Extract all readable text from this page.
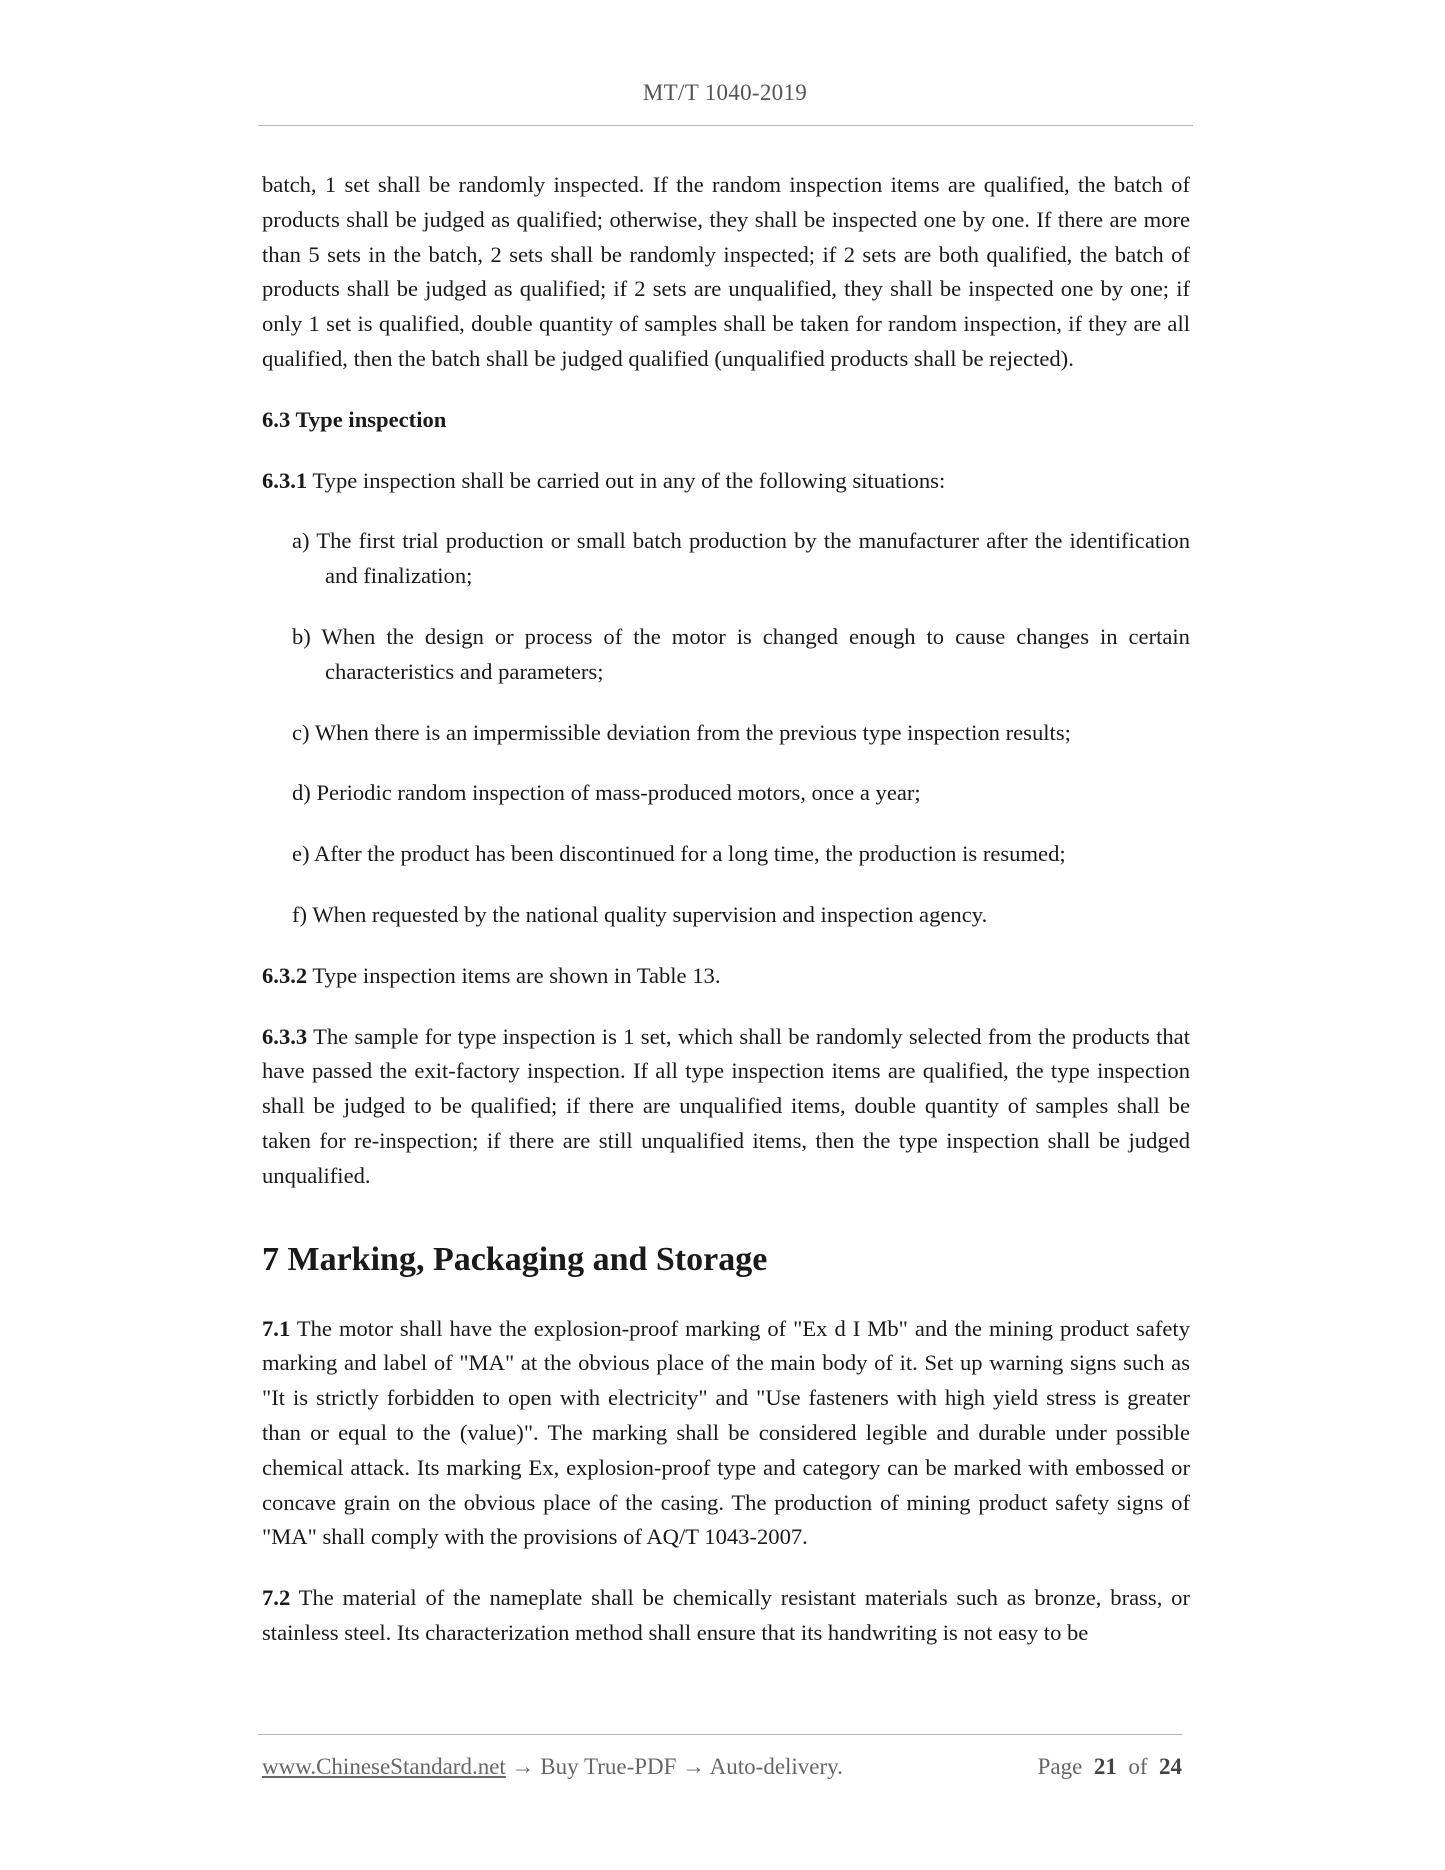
MT/T 1040-2019

batch, 1 set shall be randomly inspected. If the random inspection items are qualified, the batch of products shall be judged as qualified; otherwise, they shall be inspected one by one. If there are more than 5 sets in the batch, 2 sets shall be randomly inspected; if 2 sets are both qualified, the batch of products shall be judged as qualified; if 2 sets are unqualified, they shall be inspected one by one; if only 1 set is qualified, double quantity of samples shall be taken for random inspection, if they are all qualified, then the batch shall be judged qualified (unqualified products shall be rejected).

6.3 Type inspection

6.3.1 Type inspection shall be carried out in any of the following situations:

a) The first trial production or small batch production by the manufacturer after the identification and finalization;

b) When the design or process of the motor is changed enough to cause changes in certain characteristics and parameters;

c) When there is an impermissible deviation from the previous type inspection results;

d) Periodic random inspection of mass-produced motors, once a year;

e) After the product has been discontinued for a long time, the production is resumed;

f) When requested by the national quality supervision and inspection agency.

6.3.2 Type inspection items are shown in Table 13.

6.3.3 The sample for type inspection is 1 set, which shall be randomly selected from the products that have passed the exit-factory inspection. If all type inspection items are qualified, the type inspection shall be judged to be qualified; if there are unqualified items, double quantity of samples shall be taken for re-inspection; if there are still unqualified items, then the type inspection shall be judged unqualified.

7 Marking, Packaging and Storage

7.1 The motor shall have the explosion-proof marking of "Ex d I Mb" and the mining product safety marking and label of "MA" at the obvious place of the main body of it. Set up warning signs such as "It is strictly forbidden to open with electricity" and "Use fasteners with high yield stress is greater than or equal to the (value)". The marking shall be considered legible and durable under possible chemical attack. Its marking Ex, explosion-proof type and category can be marked with embossed or concave grain on the obvious place of the casing. The production of mining product safety signs of "MA" shall comply with the provisions of AQ/T 1043-2007.

7.2 The material of the nameplate shall be chemically resistant materials such as bronze, brass, or stainless steel. Its characterization method shall ensure that its handwriting is not easy to be

www.ChineseStandard.net → Buy True-PDF → Auto-delivery.	Page 21 of 24
